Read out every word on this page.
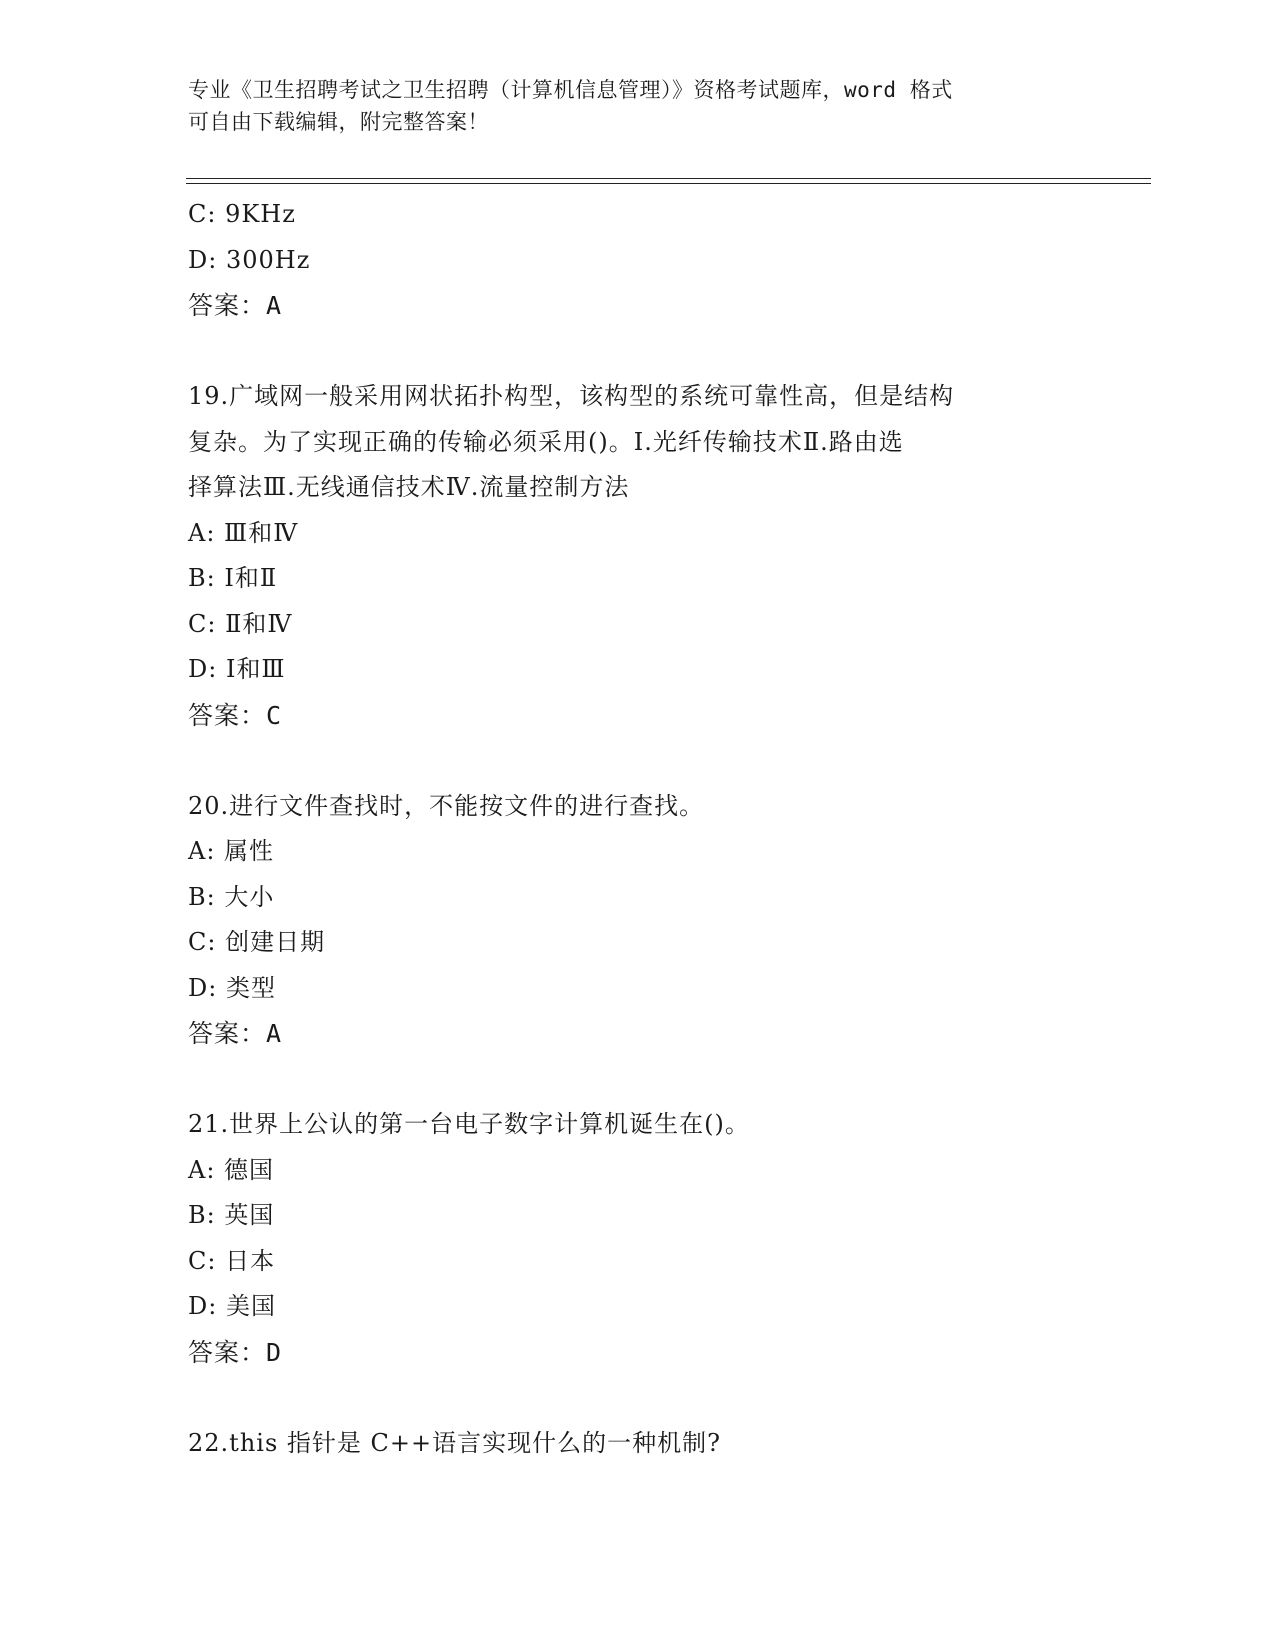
专业《卫生招聘考试之卫生招聘（计算机信息管理）》资格考试题库，word 格式
可自由下载编辑，附完整答案！
C: 9KHz
D: 300Hz
答案：A
19.广域网一般采用网状拓扑构型，该构型的系统可靠性高，但是结构
复杂。为了实现正确的传输必须采用()。Ⅰ.光纤传输技术Ⅱ.路由选
择算法Ⅲ.无线通信技术Ⅳ.流量控制方法
A: Ⅲ和Ⅳ
B: Ⅰ和Ⅱ
C: Ⅱ和Ⅳ
D: Ⅰ和Ⅲ
答案：C
20.进行文件查找时，不能按文件的进行查找。
A: 属性
B: 大小
C: 创建日期
D: 类型
答案：A
21.世界上公认的第一台电子数字计算机诞生在()。
A: 德国
B: 英国
C: 日本
D: 美国
答案：D
22.this 指针是 C++语言实现什么的一种机制?
